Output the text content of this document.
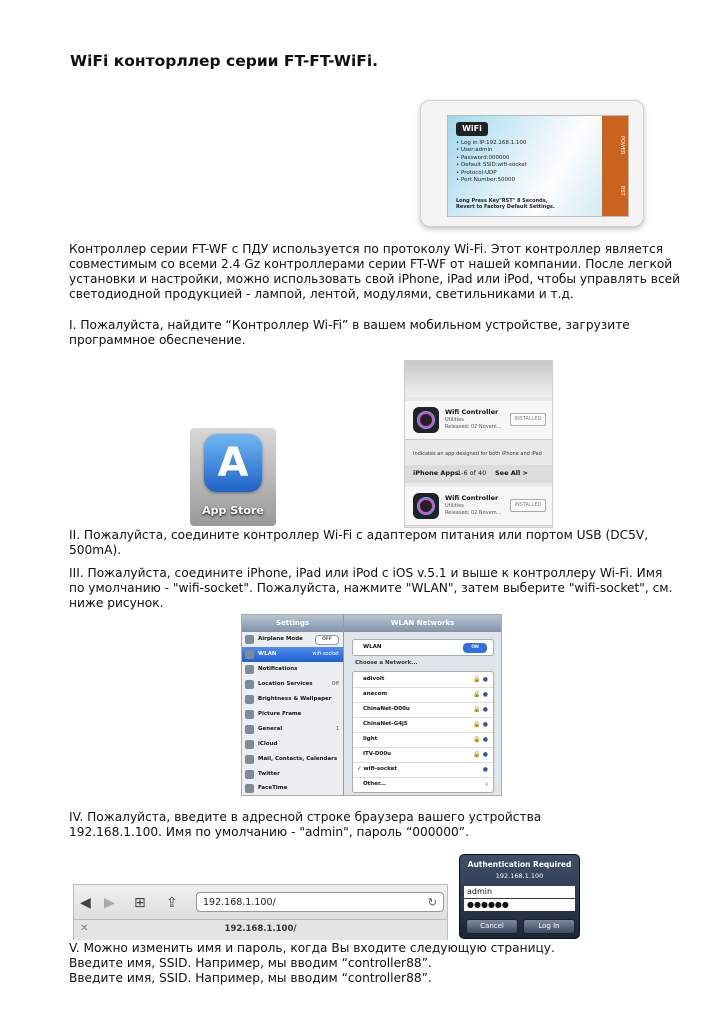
WiFi конторллер серии FT-FT-WiFi.
WiFi
• Log in IP:192.168.1.100
• User:admin
• Password:000000
• Default SSID:wifi-socket
• Protocol:UDP
• Port Number:50000
Long Press Key"RST" 8 Seconds,
Revert to Factory Default Settings.
POWER
RST
Контроллер серии FT-WF с ПДУ используется по протоколу Wi-Fi. Этот контроллер является
совместимым со всеми 2.4 Gz контроллерами серии FT-WF от нашей компании. После легкой
установки и настройки, можно использовать свой iPhone, iPad или iPod, чтобы управлять всей
светодиодной продукцией - лампой, лентой, модулями, светильниками и т.д.
I. Пожалуйста, найдите “Контроллер Wi-Fi” в вашем мобильном устройстве, загрузите
программное обеспечение.
A
App Store
Wifi Controller
Utilities
Released: 02 Novem...
INSTALLED
Indicates an app designed for both iPhone and iPad
iPhone Apps
1-6 of 40 See All >
Wifi Controller
Utilities
Released: 02 Novem...
INSTALLED
II. Пожалуйста, соедините контроллер Wi-Fi с адаптером питания или портом USB (DC5V,
500mA).
III. Пожалуйста, соедините iPhone, iPad или iPod с iOS v.5.1 и выше к контроллеру Wi-Fi. Имя
по умолчанию - "wifi-socket". Пожалуйста, нажмите "WLAN", затем выберите "wifi-socket", см.
ниже рисунок.
Settings
Airplane Mode	OFF
WLAN	wifi-socket
Notifications
Location Services	Off
Brightness & Wallpaper
Picture Frame
General	1
iCloud
Mail, Contacts, Calendars
Twitter
FaceTime
WLAN Networks
WLAN	ON
Choose a Network...
adivolt	🔒 ●
anecom	🔒 ●
ChinaNet-D00u	🔒 ●
ChinaNet-G4j5	🔒 ●
light	🔒 ●
ITV-D00u	🔒 ●
✓ wifi-socket	●
Other...	›
IV. Пожалуйста, введите в адресной строке браузера вашего устройства
192.168.1.100. Имя по умолчанию - "admin", пароль “000000”.
◀ ▶ ⊞ ⇪	192.168.1.100/	↻
✕	192.168.1.100/
Authentication Required
192.168.1.100
admin
●●●●●●
Cancel	Log In
V. Можно изменить имя и пароль, когда Вы входите следующую страницу.
Введите имя, SSID. Например, мы вводим “controller88”.
Введите имя, SSID. Например, мы вводим “controller88”.
